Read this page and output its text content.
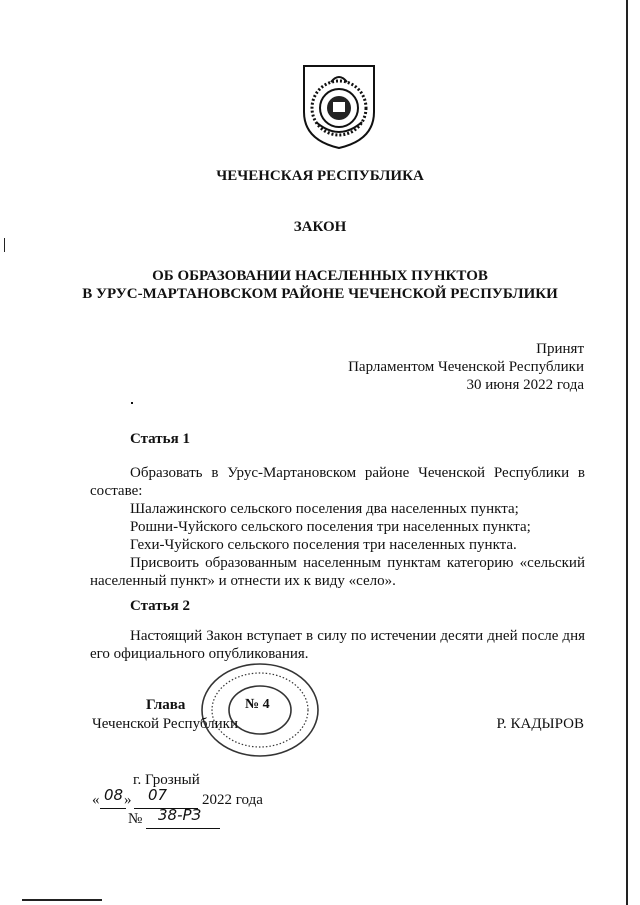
ЧЕЧЕНСКАЯ РЕСПУБЛИКА
ЗАКОН
ОБ ОБРАЗОВАНИИ НАСЕЛЕННЫХ ПУНКТОВ
В УРУС-МАРТАНОВСКОМ РАЙОНЕ ЧЕЧЕНСКОЙ РЕСПУБЛИКИ
Принят
Парламентом Чеченской Республики
30 июня 2022 года
Статья 1
Образовать в Урус-Мартановском районе Чеченской Республики в
составе:
Шалажинского сельского поселения два населенных пункта;
Рошни-Чуйского сельского поселения три населенных пункта;
Гехи-Чуйского сельского поселения три населенных пункта.
Присвоить образованным населенным пунктам категорию «сельский
населенный пункт» и отнести их к виду «село».
Статья 2
Настоящий Закон вступает в силу по истечении десяти дней после дня
его официального опубликования.
Глава
Чеченской Республики	Р. КАДЫРОВ
№ 4
г. Грозный
« 08 » 07 2022 года
№ 38-РЗ
